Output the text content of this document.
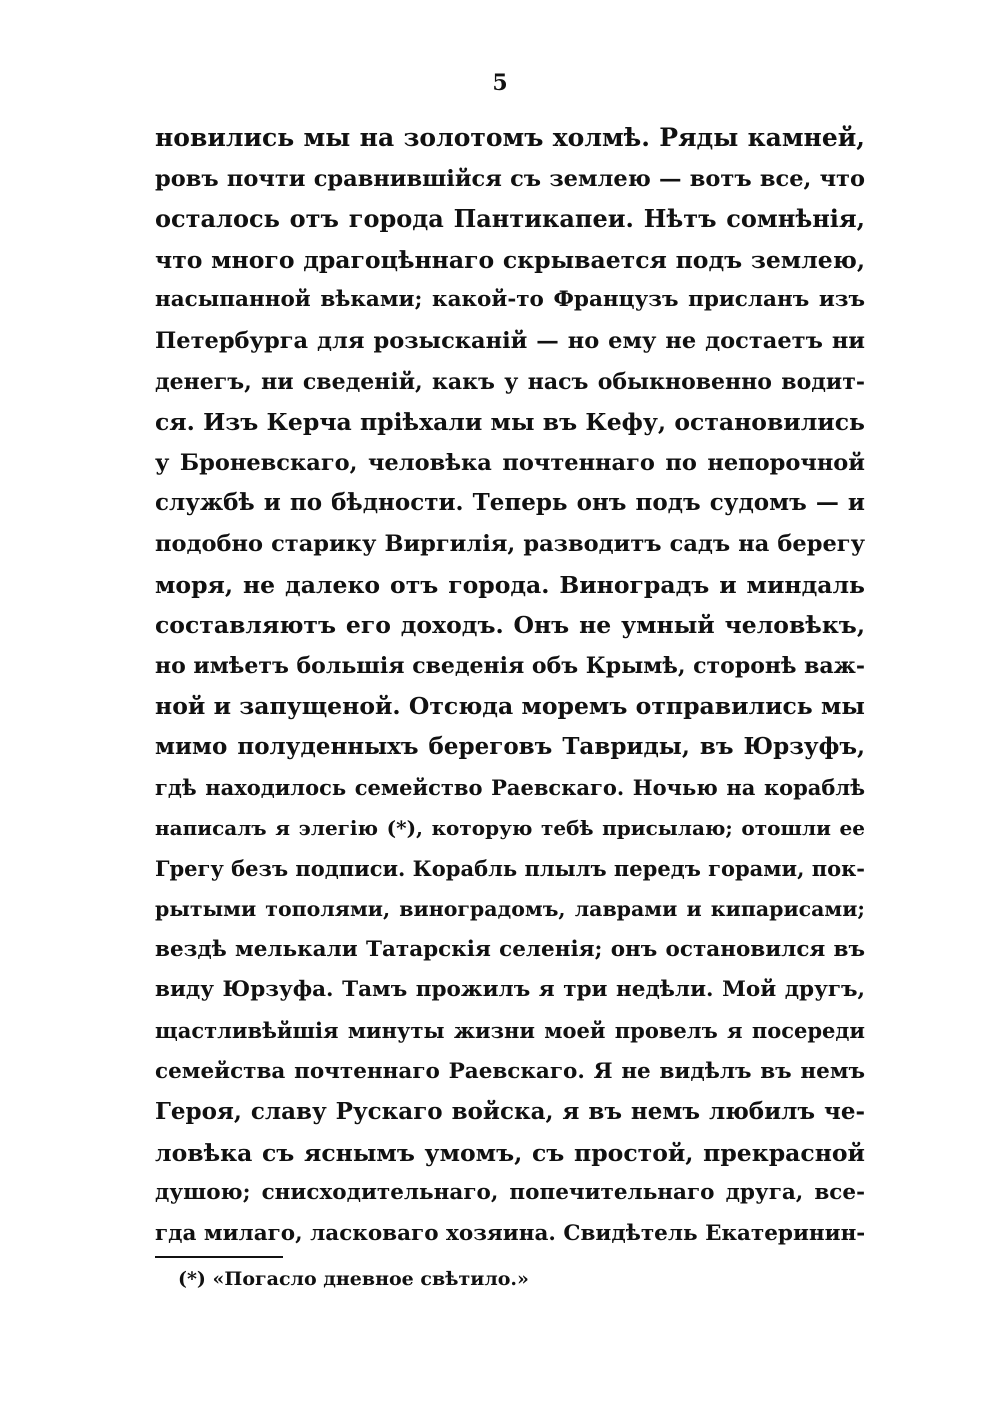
5
новились мы на золотомъ холмѣ. Ряды камней,
ровъ почти сравнившійся съ землею — вотъ все, что
осталось отъ города Пантикапеи. Нѣтъ сомнѣнія,
что много драгоцѣннаго скрывается подъ землею,
насыпанной вѣками; какой-то Французъ присланъ изъ
Петербурга для розысканій — но ему не достаетъ ни
денегъ, ни сведеній, какъ у насъ обыкновенно водит-
ся. Изъ Керча пріѣхали мы въ Кефу, остановились
у Броневскаго, человѣка почтеннаго по непорочной
службѣ и по бѣдности. Теперь онъ подъ судомъ — и
подобно старику Виргилія, разводитъ садъ на берегу
моря, не далеко отъ города. Виноградъ и миндаль
составляютъ его доходъ. Онъ не умный человѣкъ,
но имѣетъ большія сведенія объ Крымѣ, сторонѣ важ-
ной и запущеной. Отсюда моремъ отправились мы
мимо полуденныхъ береговъ Тавриды, въ Юрзуфъ,
гдѣ находилось семейство Раевскаго. Ночью на кораблѣ
написалъ я элегію (*), которую тебѣ присылаю; отошли ее
Грегу безъ подписи. Корабль плылъ передъ горами, пок-
рытыми тополями, виноградомъ, лаврами и кипарисами;
вездѣ мелькали Татарскія селенія; онъ остановился въ
виду Юрзуфа. Тамъ прожилъ я три недѣли. Мой другъ,
щастливѣйшія минуты жизни моей провелъ я посереди
семейства почтеннаго Раевскаго. Я не видѣлъ въ немъ
Героя, славу Рускаго войска, я въ немъ любилъ че-
ловѣка съ яснымъ умомъ, съ простой, прекрасной
душою; снисходительнаго, попечительнаго друга, все-
гда милаго, ласковаго хозяина. Свидѣтель Екатеринин-
(*) «Погасло дневное свѣтило.»
